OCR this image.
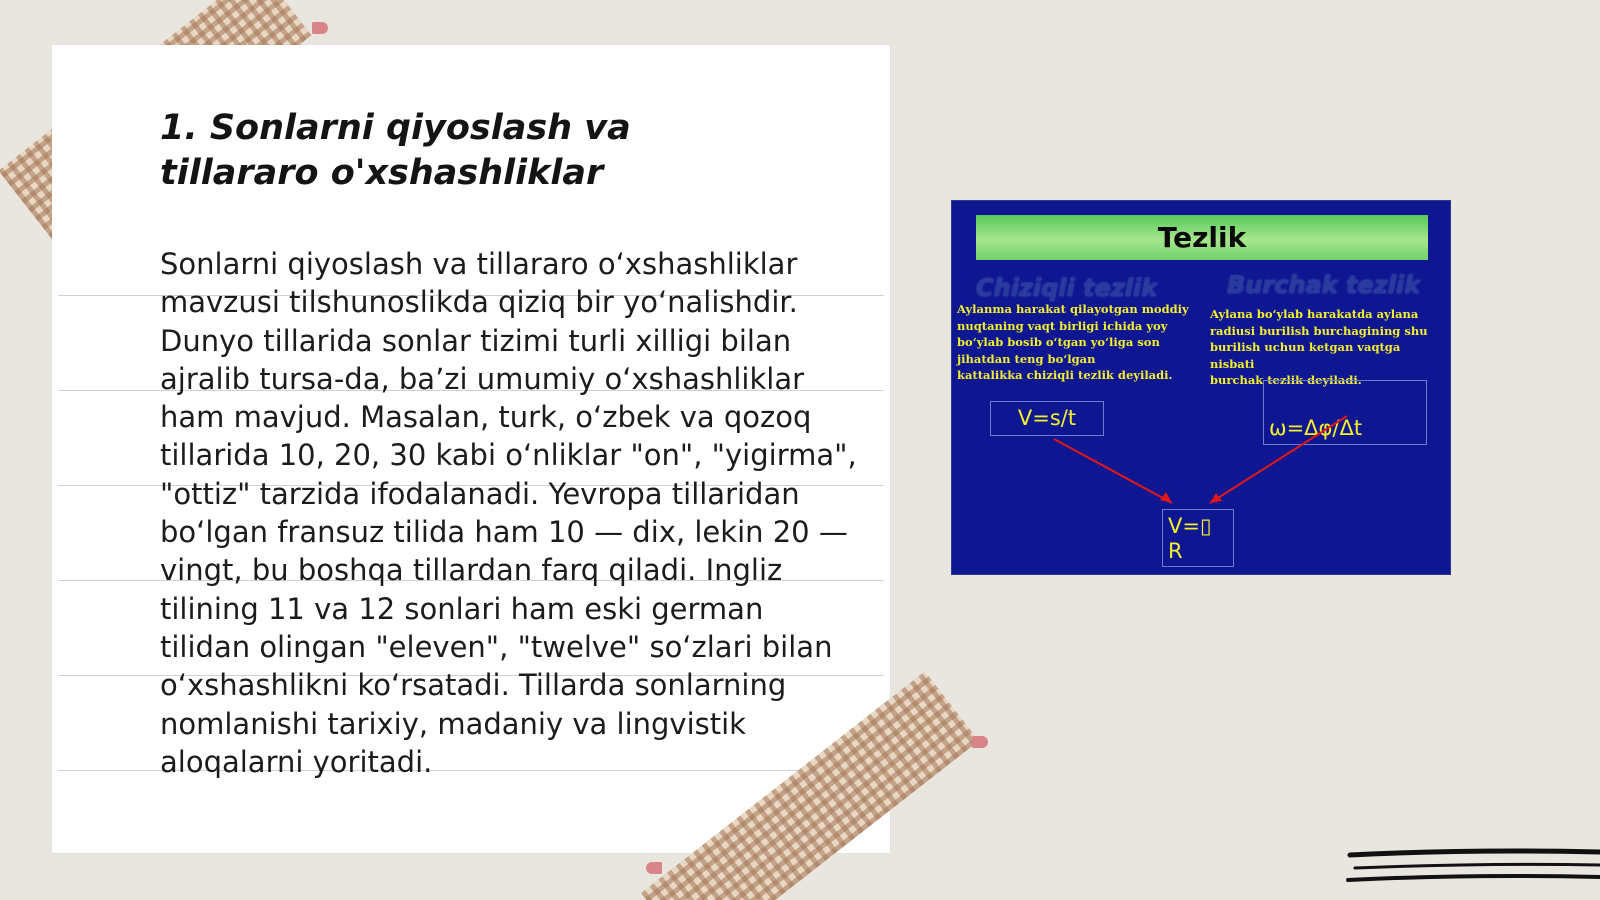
1. Sonlarni qiyoslash va tillararo o'xshashliklar
Sonlarni qiyoslash va tillararo o‘xshashliklar mavzusi tilshunoslikda qiziq bir yo‘nalishdir. Dunyo tillarida sonlar tizimi turli xilligi bilan ajralib tursa-da, ba’zi umumiy o‘xshashliklar ham mavjud. Masalan, turk, o‘zbek va qozoq tillarida 10, 20, 30 kabi o‘nliklar "on", "yigirma", "ottiz" tarzida ifodalanadi. Yevropa tillaridan bo‘lgan fransuz tilida ham 10 — dix, lekin 20 — vingt, bu boshqa tillardan farq qiladi. Ingliz tilining 11 va 12 sonlari ham eski german tilidan olingan "eleven", "twelve" so‘zlari bilan o‘xshashlikni ko‘rsatadi. Tillarda sonlarning nomlanishi tarixiy, madaniy va lingvistik aloqalarni yoritadi.
Tezlik
Chiziqli tezlik	Burchak tezlik
Aylanma harakat qilayotgan moddiy
nuqtaning vaqt birligi ichida yoy
bo‘ylab bosib o‘tgan yo‘liga son
jihatdan teng bo‘lgan
kattalikka chiziqli tezlik deyiladi.
Aylana bo‘ylab harakatda aylana
radiusi burilish burchagining shu
burilish uchun ketgan vaqtga nisbati
burchak tezlik deyiladi.
V=s/t	ω=Δφ/Δt
V=▯
R
